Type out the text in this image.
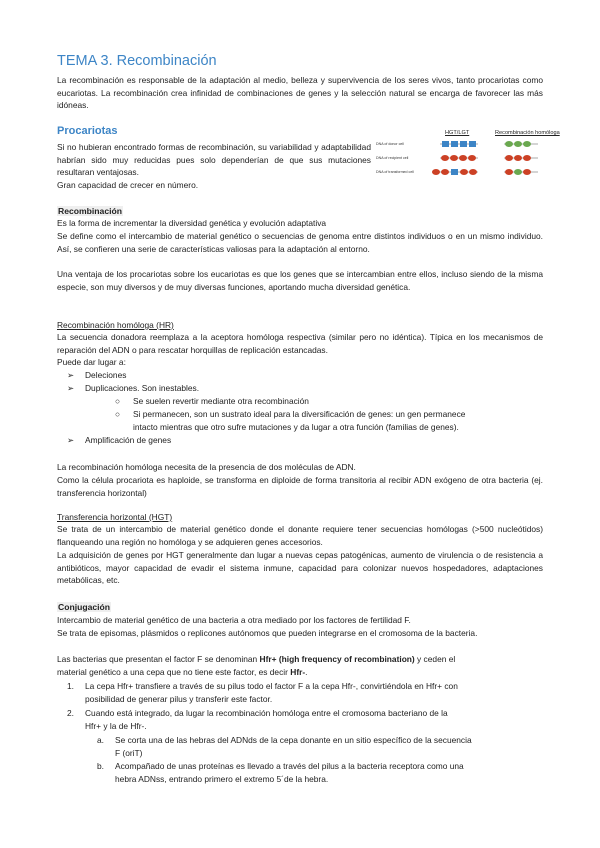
TEMA 3. Recombinación
La recombinación es responsable de la adaptación al medio, belleza y supervivencia de los seres vivos, tanto procariotas como eucariotas. La recombinación crea infinidad de combinaciones de genes y la selección natural se encarga de favorecer las más idóneas.
Procariotas
Si no hubieran encontrado formas de recombinación, su variabilidad y adaptabilidad habrían sido muy reducidas pues solo dependerían de que sus mutaciones resultaran ventajosas.
Gran capacidad de crecer en número.
HGT/LGT	Recombinación homóloga
DNA of donor cell
DNA of recipient cell
DNA of transformed cell
Recombinación
Es la forma de incrementar la diversidad genética y evolución adaptativa
Se define como el intercambio de material genético o secuencias de genoma entre distintos individuos o en un mismo individuo. Así, se confieren una serie de características valiosas para la adaptación al entorno.
Una ventaja de los procariotas sobre los eucariotas es que los genes que se intercambian entre ellos, incluso siendo de la misma especie, son muy diversos y de muy diversas funciones, aportando mucha diversidad genética.
Recombinación homóloga (HR)
La secuencia donadora reemplaza a la aceptora homóloga respectiva (similar pero no idéntica). Típica en los mecanismos de reparación del ADN o para rescatar horquillas de replicación estancadas.
Puede dar lugar a:
➢ Deleciones
➢ Duplicaciones. Son inestables.
○ Se suelen revertir mediante otra recombinación
○ Si permanecen, son un sustrato ideal para la diversificación de genes: un gen permanece
intacto mientras que otro sufre mutaciones y da lugar a otra función (familias de genes).
➢ Amplificación de genes
La recombinación homóloga necesita de la presencia de dos moléculas de ADN.
Como la célula procariota es haploide, se transforma en diploide de forma transitoria al recibir ADN exógeno de otra bacteria (ej. transferencia horizontal)
Transferencia horizontal (HGT)
Se trata de un intercambio de material genético donde el donante requiere tener secuencias homólogas (>500 nucleótidos) flanqueando una región no homóloga y se adquieren genes accesorios.
La adquisición de genes por HGT generalmente dan lugar a nuevas cepas patogénicas, aumento de virulencia o de resistencia a antibióticos, mayor capacidad de evadir el sistema inmune, capacidad para colonizar nuevos hospedadores, adaptaciones metabólicas, etc.
Conjugación
Intercambio de material genético de una bacteria a otra mediado por los factores de fertilidad F.
Se trata de episomas, plásmidos o replicones autónomos que pueden integrarse en el cromosoma de la bacteria.
Las bacterias que presentan el factor F se denominan Hfr+ (high frequency of recombination) y ceden el
material genético a una cepa que no tiene este factor, es decir Hfr-.
1. La cepa Hfr+ transfiere a través de su pilus todo el factor F a la cepa Hfr-, convirtiéndola en Hfr+ con
posibilidad de generar pilus y transferir este factor.
2. Cuando está integrado, da lugar la recombinación homóloga entre el cromosoma bacteriano de la
Hfr+ y la de Hfr-.
a. Se corta una de las hebras del ADNds de la cepa donante en un sitio específico de la secuencia
F (oriT)
b. Acompañado de unas proteínas es llevado a través del pilus a la bacteria receptora como una
hebra ADNss, entrando primero el extremo 5´de la hebra.
